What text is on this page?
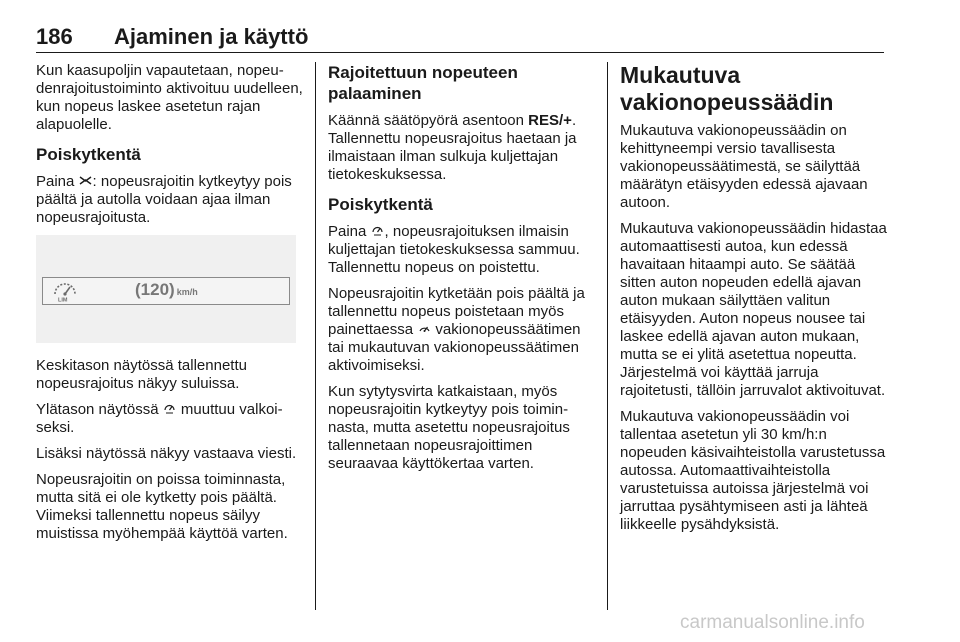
186 Ajaminen ja käyttö

Kun kaasupoljin vapautetaan, nopeudenrajoitustoiminto aktivoituu uudelleen, kun nopeus laskee asetetun rajan alapuolelle.

Poiskytkentä

Paina : nopeusrajoitin kytkeytyy pois päältä ja autolla voidaan ajaa ilman nopeusrajoitusta.

LIM
(120) km/h

Keskitason näytössä tallennettu nopeusrajoitus näkyy suluissa.

Ylätason näytössä muuttuu valkoiseksi.

Lisäksi näytössä näkyy vastaava viesti.

Nopeusrajoitin on poissa toiminnasta, mutta sitä ei ole kytketty pois päältä. Viimeksi tallennettu nopeus säilyy muistissa myöhempää käyttöä varten.

Rajoitettuun nopeuteen palaaminen

Käännä säätöpyörä asentoon RES/+. Tallennettu nopeusrajoitus haetaan ja ilmaistaan ilman sulkuja kuljettajan tietokeskuksessa.

Poiskytkentä

Paina , nopeusrajoituksen ilmaisin kuljettajan tietokeskuksessa sammuu. Tallennettu nopeus on poistettu.

Nopeusrajoitin kytketään pois päältä ja tallennettu nopeus poistetaan myös painettaessa vakionopeussäätimen tai mukautuvan vakionopeussäätimen aktivoimiseksi.

Kun sytytysvirta katkaistaan, myös nopeusrajoitin kytkeytyy pois toiminnasta, mutta asetettu nopeusrajoitus tallennetaan nopeusrajoittimen seuraavaa käyttökertaa varten.

Mukautuva vakionopeussäädin

Mukautuva vakionopeussäädin on kehittyneempi versio tavallisesta vakionopeussäätimestä, se säilyttää määrätyn etäisyyden edessä ajavaan autoon.

Mukautuva vakionopeussäädin hidastaa automaattisesti autoa, kun edessä havaitaan hitaampi auto. Se säätää sitten auton nopeuden edellä ajavan auton mukaan säilyttäen valitun etäisyyden. Auton nopeus nousee tai laskee edellä ajavan auton mukaan, mutta se ei ylitä asetettua nopeutta. Järjestelmä voi käyttää jarruja rajoitetusti, tällöin jarruvalot aktivoituvat.

Mukautuva vakionopeussäädin voi tallentaa asetetun yli 30 km/h:n nopeuden käsivaihteistolla varustetussa autossa. Automaattivaihteistolla varustetuissa autoissa järjestelmä voi jarruttaa pysähtymiseen asti ja lähteä liikkeelle pysähdyksistä.

carmanualsonline.info
